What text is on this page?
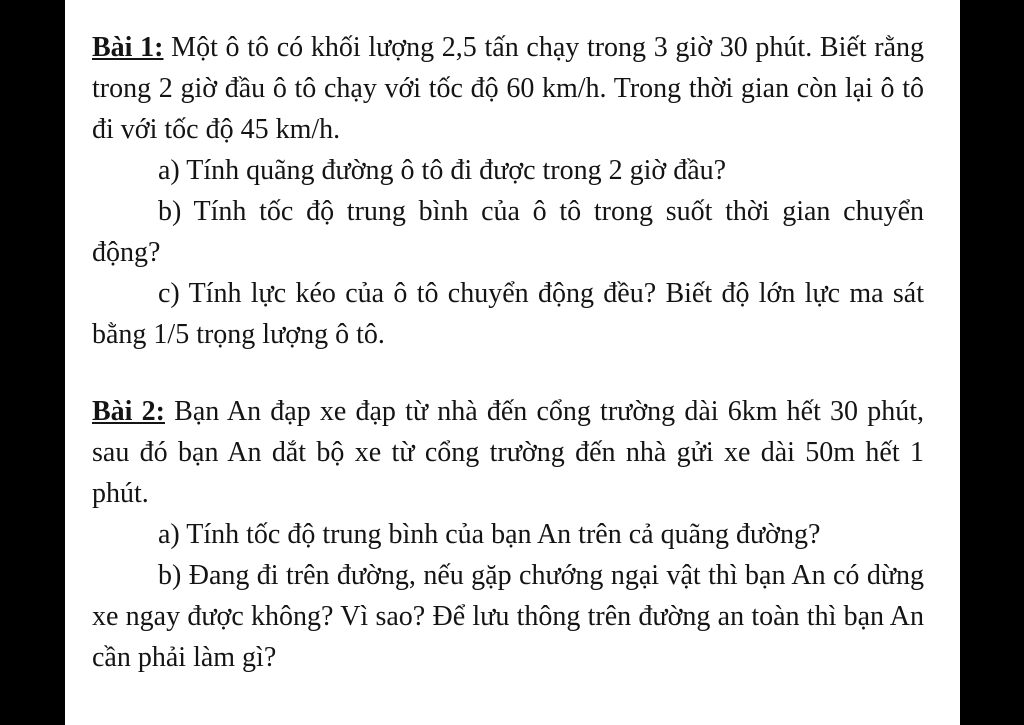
Bài 1: Một ô tô có khối lượng 2,5 tấn chạy trong 3 giờ 30 phút. Biết rằng trong 2 giờ đầu ô tô chạy với tốc độ 60 km/h. Trong thời gian còn lại ô tô đi với tốc độ 45 km/h.

a) Tính quãng đường ô tô đi được trong 2 giờ đầu?

b) Tính tốc độ trung bình của ô tô trong suốt thời gian chuyển động?

c) Tính lực kéo của ô tô chuyển động đều? Biết độ lớn lực ma sát bằng 1/5 trọng lượng ô tô.

Bài 2: Bạn An đạp xe đạp từ nhà đến cổng trường dài 6km hết 30 phút, sau đó bạn An dắt bộ xe từ cổng trường đến nhà gửi xe dài 50m hết 1 phút.

a) Tính tốc độ trung bình của bạn An trên cả quãng đường?

b) Đang đi trên đường, nếu gặp chướng ngại vật thì bạn An có dừng xe ngay được không? Vì sao? Để lưu thông trên đường an toàn thì bạn An cần phải làm gì?
